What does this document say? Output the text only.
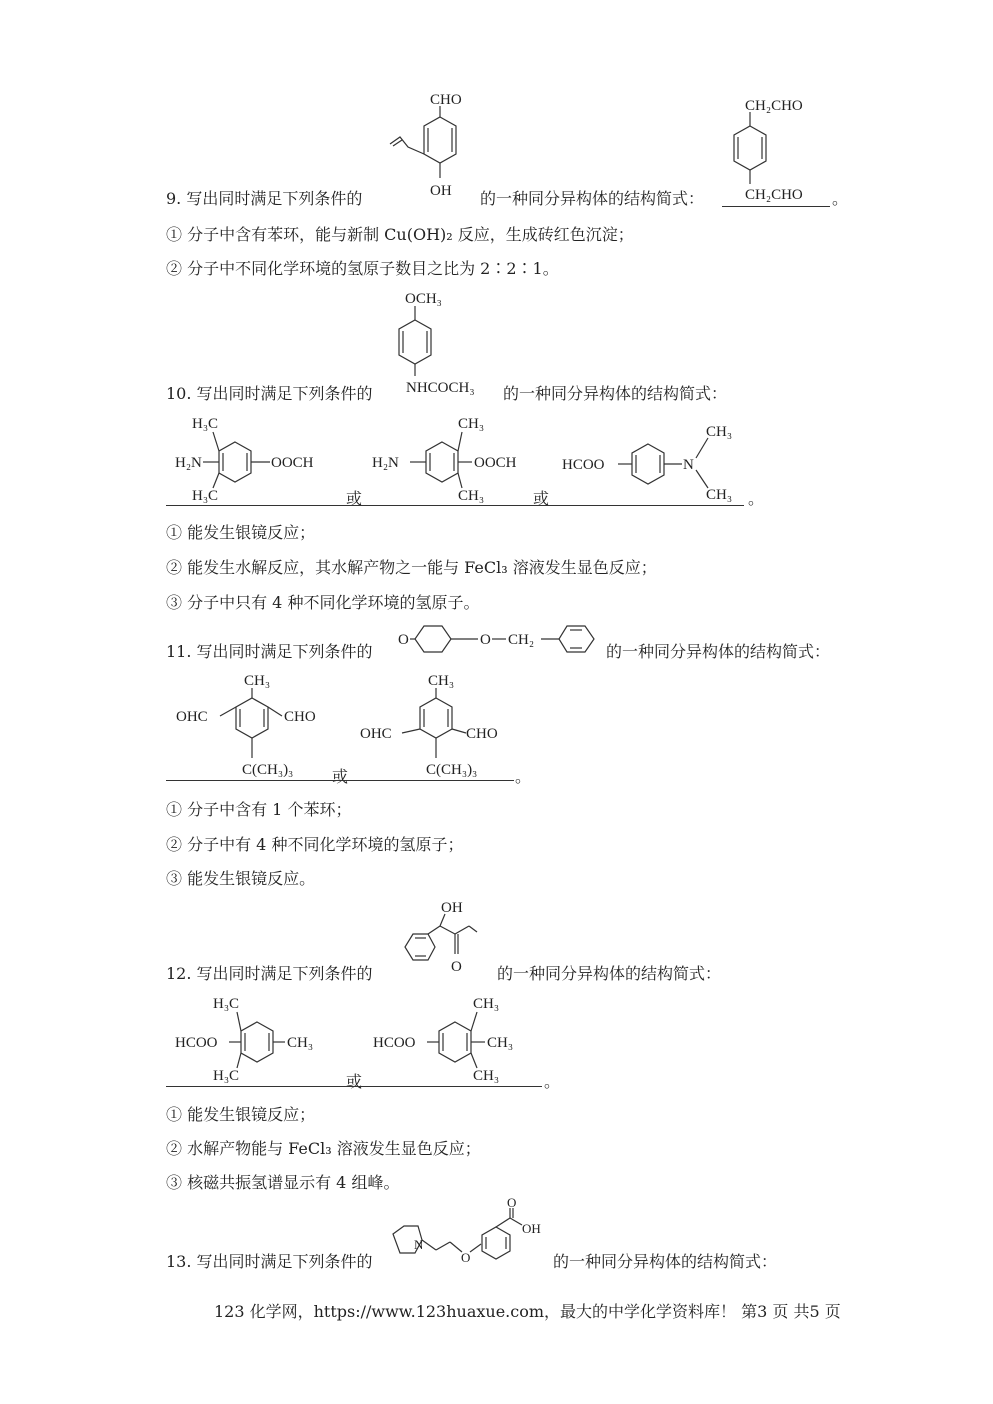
CHO
OH
9. 写出同时满足下列条件的	的一种同分异构体的结构简式：
CH₂CHO
CH₂CHO 。
① 分子中含有苯环，能与新制 Cu(OH)₂ 反应，生成砖红色沉淀；
② 分子中不同化学环境的氢原子数目之比为 2∶2∶1。
OCH₃
NHCOCH₃
10. 写出同时满足下列条件的	的一种同分异构体的结构简式：
H₃C
H₂N	OOCH
H₃C	或
CH₃
H₂N	OOCH
CH₃	或
HCOO	N
CH₃
CH₃ 。
① 能发生银镜反应；
② 能发生水解反应，其水解产物之一能与 FeCl₃ 溶液发生显色反应；
③ 分子中只有 4 种不同化学环境的氢原子。
O	O CH₂
11. 写出同时满足下列条件的	的一种同分异构体的结构简式：
CH₃
OHC	CHO
C(CH₃)₃ 或
CH₃
OHC	CHO
C(CH₃)₃ 。
① 分子中含有 1 个苯环；
② 分子中有 4 种不同化学环境的氢原子；
③ 能发生银镜反应。
OH
O
12. 写出同时满足下列条件的	的一种同分异构体的结构简式：
H₃C
HCOO	CH₃
H₃C	或
CH₃
HCOO	CH₃
CH₃	。
① 能发生银镜反应；
② 水解产物能与 FeCl₃ 溶液发生显色反应；
③ 核磁共振氢谱显示有 4 组峰。
N
O
O
OH
13. 写出同时满足下列条件的	的一种同分异构体的结构简式：
123 化学网，https://www.123huaxue.com，最大的中学化学资料库！ 第3 页 共5 页
